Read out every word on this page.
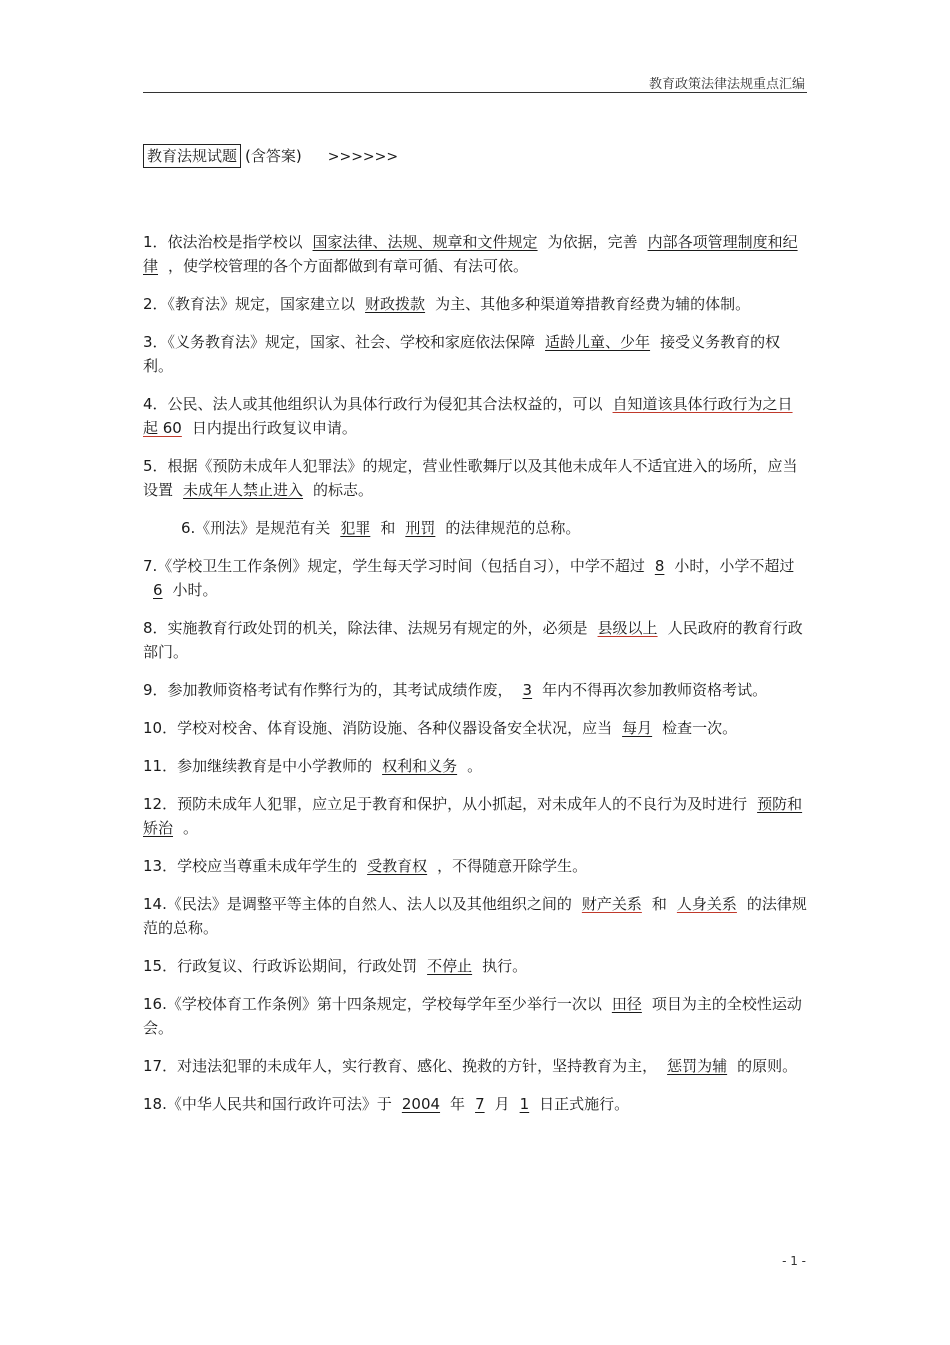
教育政策法律法规重点汇编
教育法规试题 (含答案) >>>>>>
1．依法治校是指学校以 国家法律、法规、规章和文件规定 为依据，完善 内部各项管理制度和纪律 ，使学校管理的各个方面都做到有章可循、有法可依。
2．《教育法》规定，国家建立以 财政拨款 为主、其他多种渠道筹措教育经费为辅的体制。
3．《义务教育法》规定，国家、社会、学校和家庭依法保障 适龄儿童、少年 接受义务教育的权利。
4．公民、法人或其他组织认为具体行政行为侵犯其合法权益的，可以 自知道该具体行政行为之日起 60 日内提出行政复议申请。
5．根据《预防未成年人犯罪法》的规定，营业性歌舞厅以及其他未成年人不适宜进入的场所，应当设置 未成年人禁止进入 的标志。
6.《刑法》是规范有关 犯罪 和 刑罚 的法律规范的总称。
7.《学校卫生工作条例》规定，学生每天学习时间（包括自习），中学不超过 8 小时，小学不超过6 小时。
8．实施教育行政处罚的机关，除法律、法规另有规定的外，必须是 县级以上 人民政府的教育行政部门。
9．参加教师资格考试有作弊行为的，其考试成绩作废， 3 年内不得再次参加教师资格考试。
10．学校对校舍、体育设施、消防设施、各种仪器设备安全状况，应当 每月 检查一次。
11．参加继续教育是中小学教师的 权利和义务 。
12．预防未成年人犯罪，应立足于教育和保护，从小抓起，对未成年人的不良行为及时进行 预防和矫治 。
13．学校应当尊重未成年学生的 受教育权 ，不得随意开除学生。
14.《民法》是调整平等主体的自然人、法人以及其他组织之间的 财产关系 和 人身关系 的法律规范的总称。
15．行政复议、行政诉讼期间，行政处罚 不停止 执行。
16.《学校体育工作条例》第十四条规定，学校每学年至少举行一次以 田径 项目为主的全校性运动会。
17．对违法犯罪的未成年人，实行教育、感化、挽救的方针，坚持教育为主， 惩罚为辅 的原则。
18.《中华人民共和国行政许可法》于 2004 年 7 月 1 日正式施行。
- 1 -
